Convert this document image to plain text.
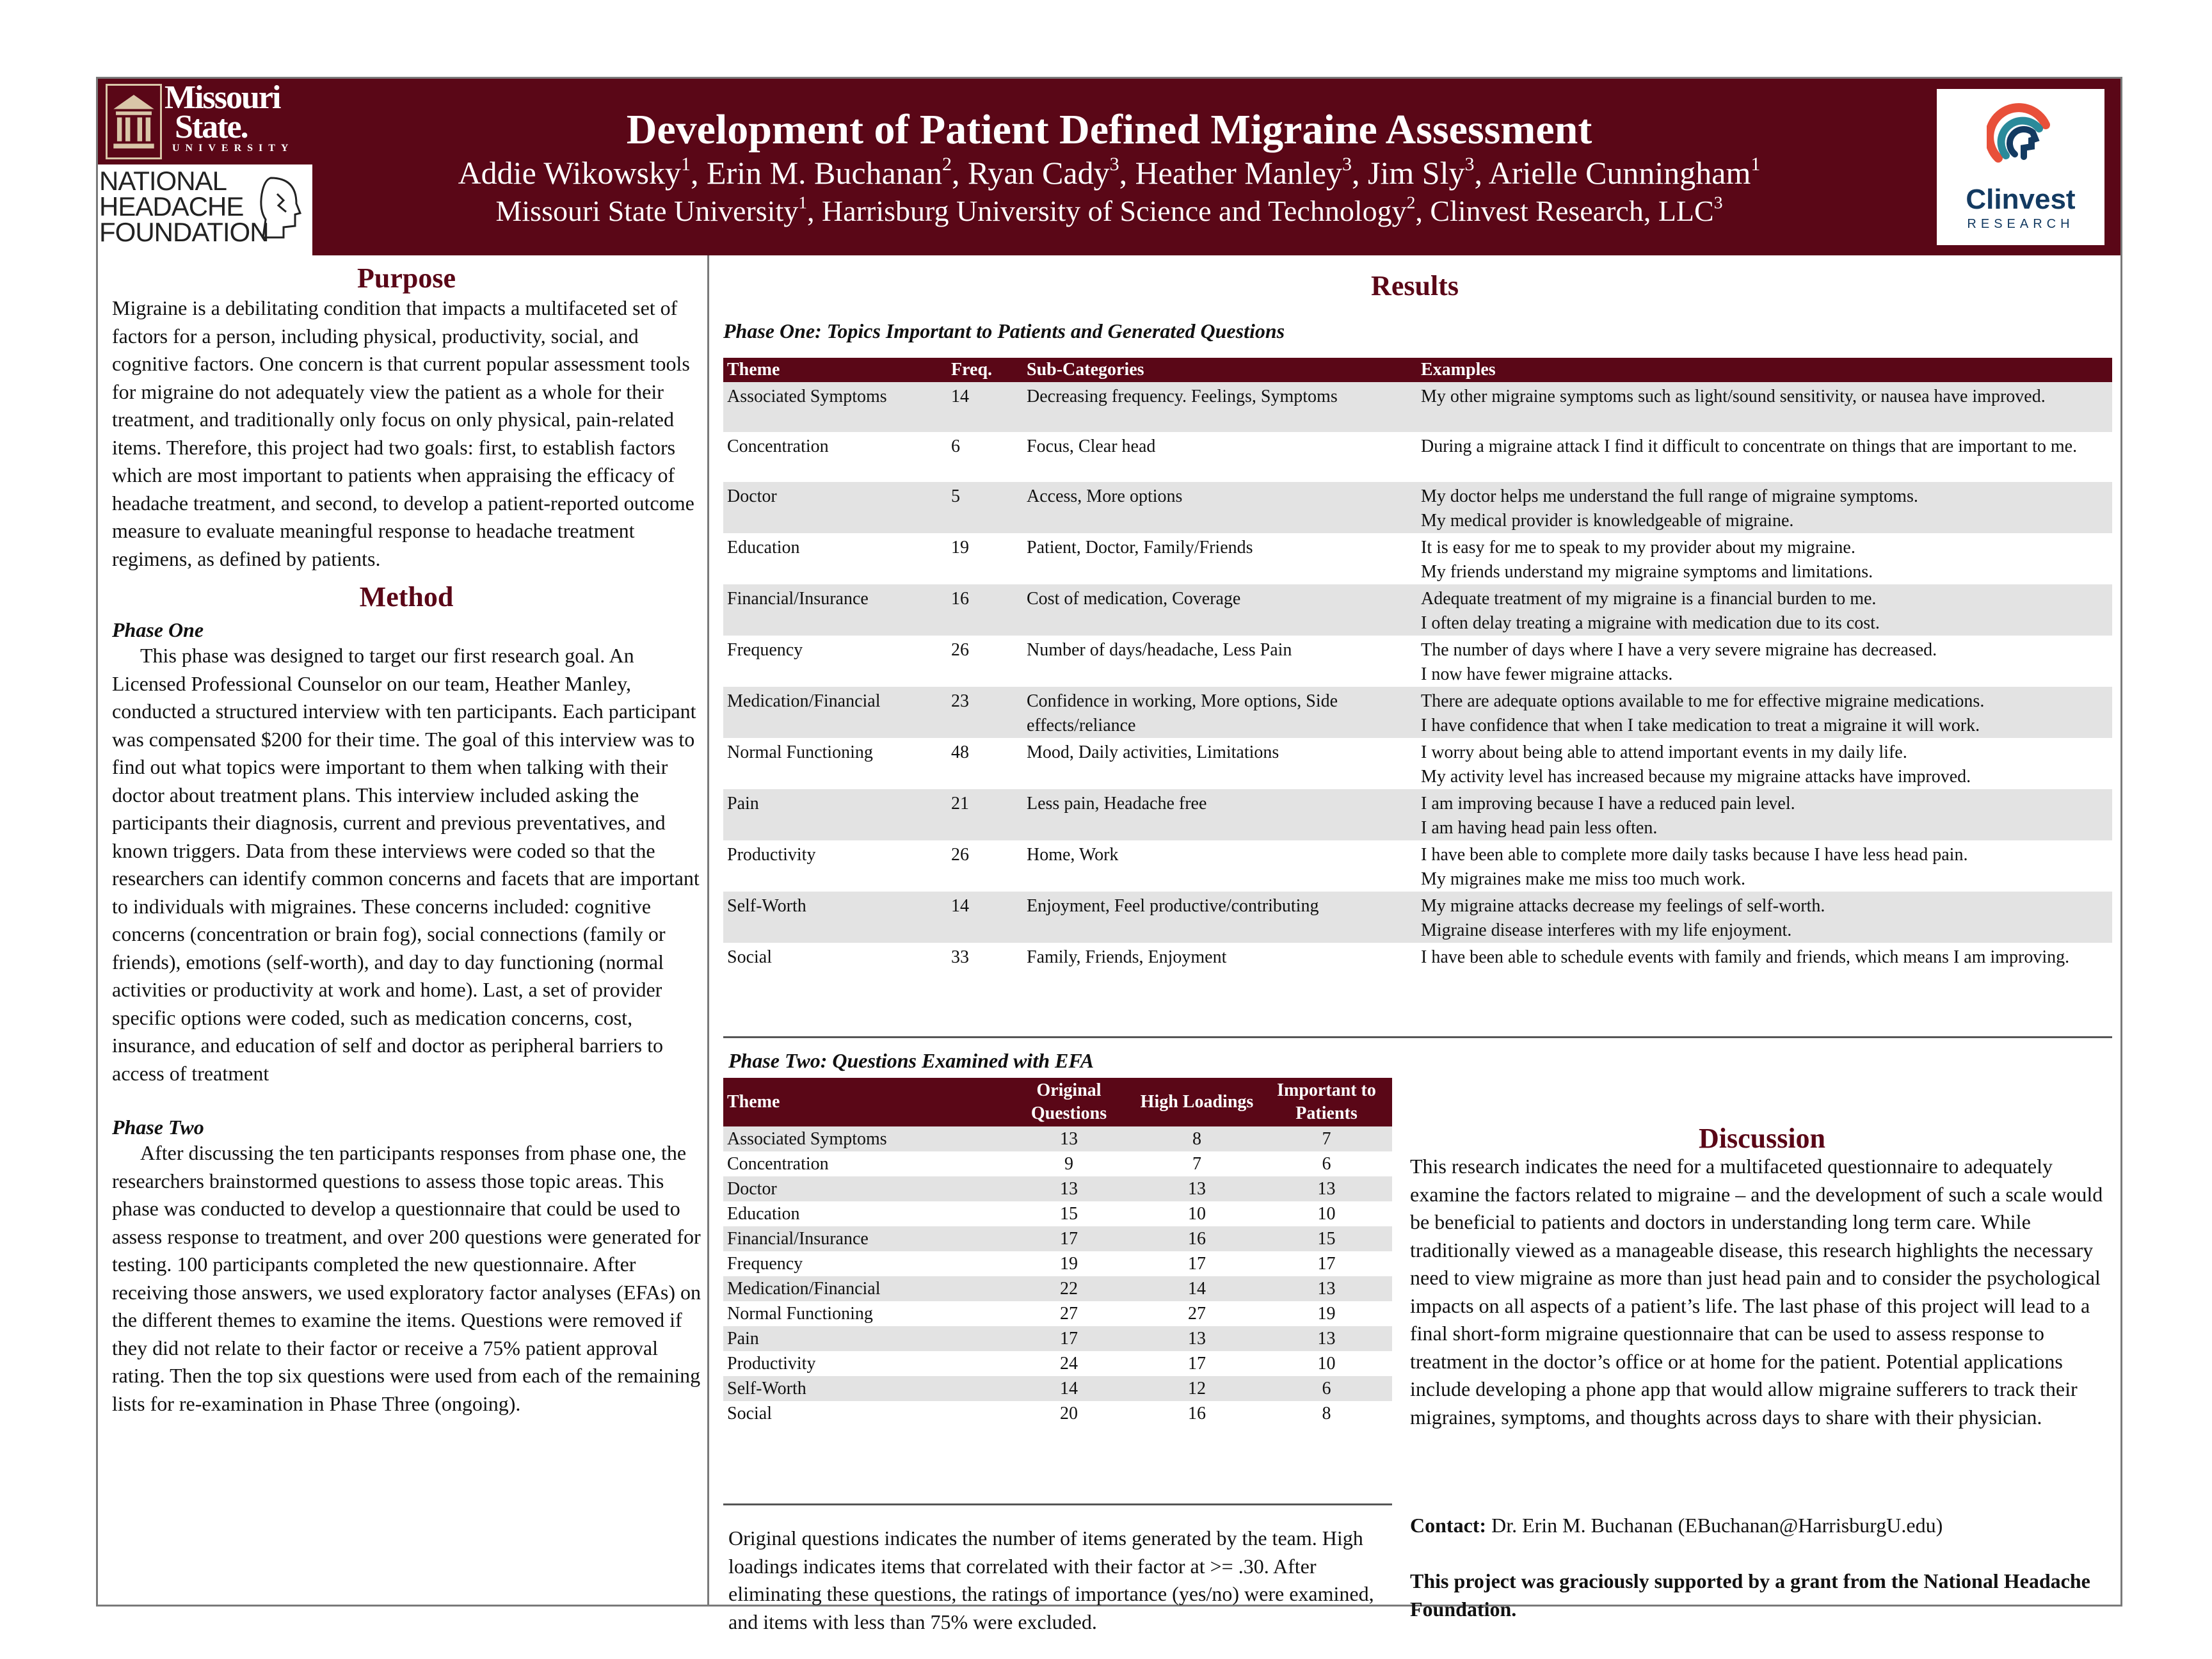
Missouri
State.
UNIVERSITY
NATIONAL
HEADACHE
FOUNDATION
Development of Patient Defined Migraine Assessment
Addie Wikowsky$^1$, Erin M. Buchanan$^2$, Ryan Cady$^3$, Heather Manley$^3$, Jim Sly$^3$, Arielle Cunningham$^1$
Missouri State University$^1$, Harrisburg University of Science and Technology$^2$, Clinvest Research, LLC$^3$	Clinvest
RESEARCH
Purpose

Migraine is a debilitating condition that impacts a multifaceted set of factors for a person, including physical, productivity, social, and cognitive factors. One concern is that current popular assessment tools for migraine do not adequately view the patient as a whole for their treatment, and traditionally only focus on only physical, pain-related items. Therefore, this project had two goals: first, to establish factors which are most important to patients when appraising the efficacy of headache treatment, and second, to develop a patient-reported outcome measure to evaluate meaningful response to headache treatment regimens, as defined by patients.

Method

Phase One

This phase was designed to target our first research goal. An Licensed Professional Counselor on our team, Heather Manley, conducted a structured interview with ten participants. Each participant was compensated $200 for their time. The goal of this interview was to find out what topics were important to them when talking with their doctor about treatment plans. This interview included asking the participants their diagnosis, current and previous preventatives, and known triggers. Data from these interviews were coded so that the researchers can identify common concerns and facets that are important to individuals with migraines. These concerns included: cognitive concerns (concentration or brain fog), social connections (family or friends), emotions (self-worth), and day to day functioning (normal activities or productivity at work and home). Last, a set of provider specific options were coded, such as medication concerns, cost, insurance, and education of self and doctor as peripheral barriers to access of treatment

Phase Two

After discussing the ten participants responses from phase one, the researchers brainstormed questions to assess those topic areas. This phase was conducted to develop a questionnaire that could be used to assess response to treatment, and over 200 questions were generated for testing. 100 participants completed the new questionnaire. After receiving those answers, we used exploratory factor analyses (EFAs) on the different themes to examine the items. Questions were removed if they did not relate to their factor or receive a 75% patient approval rating. Then the top six questions were used from each of the remaining lists for re-examination in Phase Three (ongoing).

Results
Phase One: Topics Important to Patients and Generated Questions
Theme	Freq.	Sub-Categories	Examples
Associated Symptoms	14	Decreasing frequency. Feelings, Symptoms	My other migraine symptoms such as light/sound sensitivity, or nausea have improved.

Concentration	6	Focus, Clear head	During a migraine attack I find it difficult to concentrate on things that are important to me.

Doctor	5	Access, More options	My doctor helps me understand the full range of migraine symptoms.
My medical provider is knowledgeable of migraine.

Education	19	Patient, Doctor, Family/Friends	It is easy for me to speak to my provider about my migraine.
My friends understand my migraine symptoms and limitations.

Financial/Insurance	16	Cost of medication, Coverage	Adequate treatment of my migraine is a financial burden to me.
I often delay treating a migraine with medication due to its cost.

Frequency	26	Number of days/headache, Less Pain	The number of days where I have a very severe migraine has decreased.
I now have fewer migraine attacks.

Medication/Financial	23	Confidence in working, More options, Side effects/reliance	There are adequate options available to me for effective migraine medications.
I have confidence that when I take medication to treat a migraine it will work.

Normal Functioning	48	Mood, Daily activities, Limitations	I worry about being able to attend important events in my daily life.
My activity level has increased because my migraine attacks have improved.

Pain	21	Less pain, Headache free	I am improving because I have a reduced pain level.
I am having head pain less often.

Productivity	26	Home, Work	I have been able to complete more daily tasks because I have less head pain.
My migraines make me miss too much work.

Self-Worth	14	Enjoyment, Feel productive/contributing	My migraine attacks decrease my feelings of self-worth.
Migraine disease interferes with my life enjoyment.

Social	33	Family, Friends, Enjoyment	I have been able to schedule events with family and friends, which means I am improving.
Phase Two: Questions Examined with EFA
Theme	Original Questions	High Loadings	Important to Patients
Associated Symptoms	13	8	7
Concentration	9	7	6
Doctor	13	13	13
Education	15	10	10
Financial/Insurance	17	16	15
Frequency	19	17	17
Medication/Financial	22	14	13
Normal Functioning	27	27	19
Pain	17	13	13
Productivity	24	17	10
Self-Worth	14	12	6
Social	20	16	8
Original questions indicates the number of items generated by the team. High loadings indicates items that correlated with their factor at >= .30. After eliminating these questions, the ratings of importance (yes/no) were examined, and items with less than 75% were excluded.
Discussion
This research indicates the need for a multifaceted questionnaire to adequately examine the factors related to migraine – and the development of such a scale would be beneficial to patients and doctors in understanding long term care. While traditionally viewed as a manageable disease, this research highlights the necessary need to view migraine as more than just head pain and to consider the psychological impacts on all aspects of a patient’s life. The last phase of this project will lead to a final short-form migraine questionnaire that can be used to assess response to treatment in the doctor’s office or at home for the patient. Potential applications include developing a phone app that would allow migraine sufferers to track their migraines, symptoms, and thoughts across days to share with their physician.
Contact: Dr. Erin M. Buchanan (EBuchanan@HarrisburgU.edu)
This project was graciously supported by a grant from the National Headache Foundation.
